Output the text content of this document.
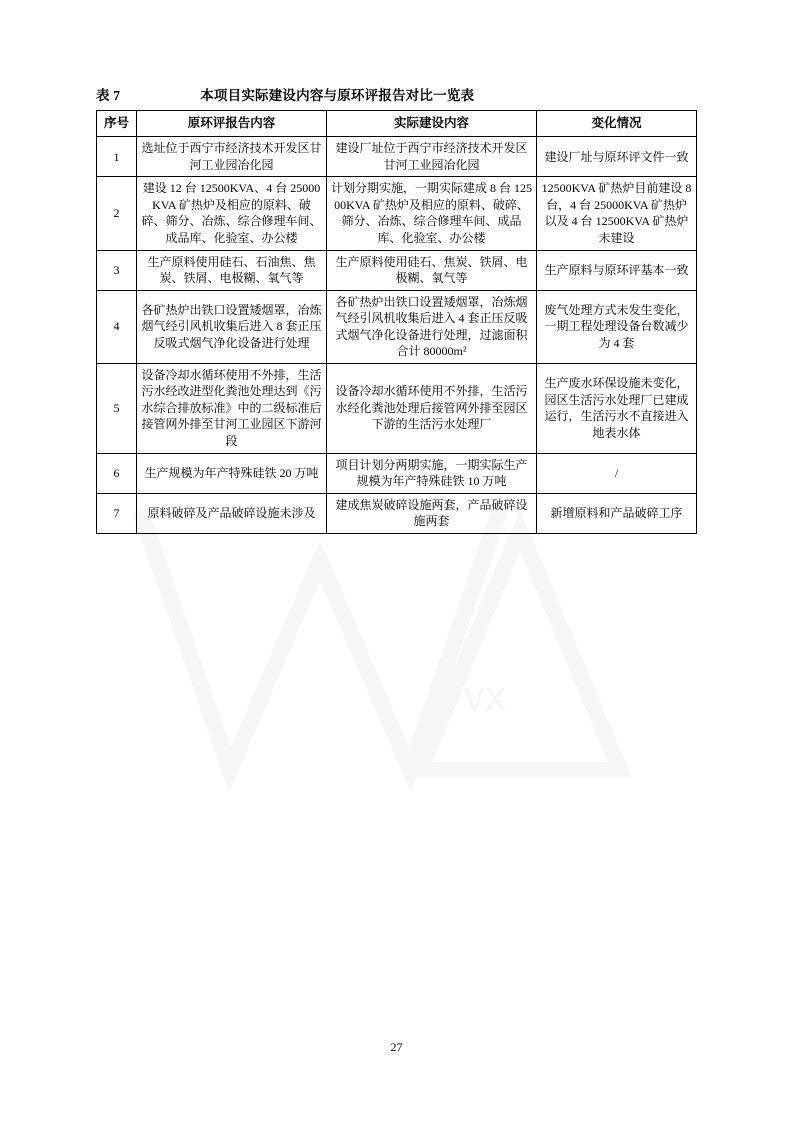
·vx
表 7	本项目实际建设内容与原环评报告对比一览表
序号	原环评报告内容	实际建设内容	变化情况
1	选址位于西宁市经济技术开发区甘河工业园冶化园	建设厂址位于西宁市经济技术开发区甘河工业园冶化园	建设厂址与原环评文件一致
2	建设 12 台 12500KVA、4 台 25000KVA 矿热炉及相应的原料、破碎、筛分、冶炼、综合修理车间、成品库、化验室、办公楼	计划分期实施，一期实际建成 8 台 12500KVA 矿热炉及相应的原料、破碎、筛分、冶炼、综合修理车间、成品库、化验室、办公楼	12500KVA 矿热炉目前建设 8 台，4 台 25000KVA 矿热炉以及 4 台 12500KVA 矿热炉未建设
3	生产原料使用硅石、石油焦、焦炭、铁屑、电极糊、氧气等	生产原料使用硅石、焦炭、铁屑、电极糊、氧气等	生产原料与原环评基本一致
4	各矿热炉出铁口设置矮烟罩，冶炼烟气经引风机收集后进入 8 套正压反吸式烟气净化设备进行处理	各矿热炉出铁口设置矮烟罩，冶炼烟气经引风机收集后进入 4 套正压反吸式烟气净化设备进行处理，过滤面积合计 80000m²	废气处理方式未发生变化，一期工程处理设备台数减少为 4 套
5	设备冷却水循环使用不外排，生活污水经改进型化粪池处理达到《污水综合排放标准》中的二级标准后接管网外排至甘河工业园区下游河段	设备冷却水循环使用不外排，生活污水经化粪池处理后接管网外排至园区下游的生活污水处理厂	生产废水环保设施未变化，园区生活污水处理厂已建成运行，生活污水不直接进入地表水体
6	生产规模为年产特殊硅铁 20 万吨	项目计划分两期实施，一期实际生产规模为年产特殊硅铁 10 万吨	/
7	原料破碎及产品破碎设施未涉及	建成焦炭破碎设施两套，产品破碎设施两套	新增原料和产品破碎工序
27
